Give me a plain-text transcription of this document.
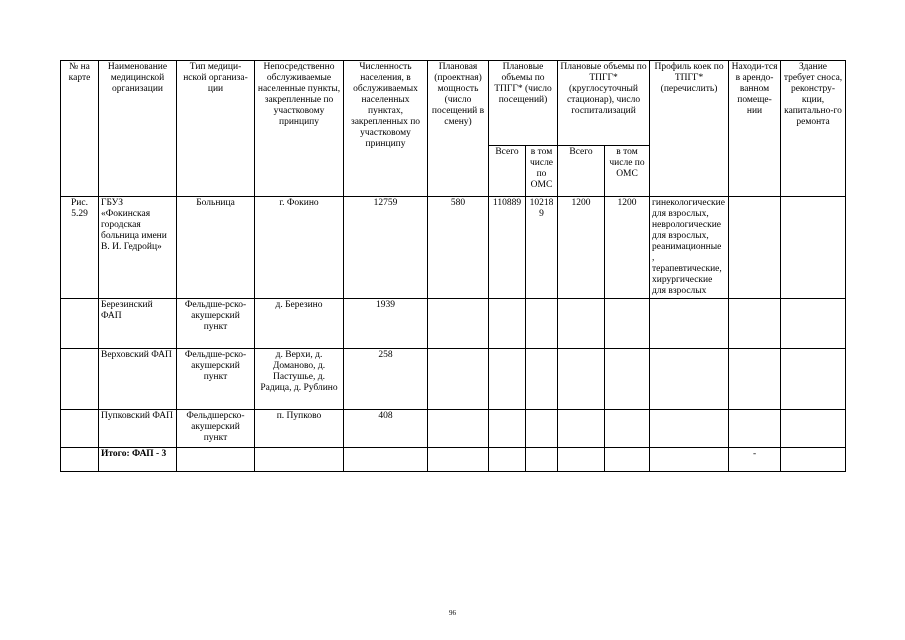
№ на карте	Наименование медицинской организации	Тип медици-нской организа-ции	Непосредственно обслуживаемые населенные пункты, закрепленные по участковому принципу	Численность населения, в обслуживаемых населенных пунктах, закрепленных по участковому принципу	Плановая (проектная) мощность (число посещений в смену)	Плановые объемы по ТПГГ* (число посещений)		Плановые объемы по ТПГГ* (круглосуточный стационар), число госпитализаций		Профиль коек по ТПГГ* (перечислить)	Находи-тся в арендо-ванном помеще-нии	Здание требует сноса, реконстру-кции, капитально-го ремонта
						Всего	в том числе по ОМС	Всего	в том числе по ОМС			
Рис. 5.29	ГБУЗ «Фокинская городская больница имени В. И. Гедройц»	Больница	г. Фокино	12759	580	110889	102189	1200	1200	гинекологические для взрослых, неврологические для взрослых, реанимационные , терапевтические, хирургические для взрослых		
	Березинский ФАП	Фельдше-рско-акушерский пункт	д. Березино	1939								
	Верховский ФАП	Фельдше-рско-акушерский пункт	д. Верхи, д. Доманово, д. Пастушье, д. Радица, д. Рублино	258								
	Пупковский ФАП	Фельдшерско-акушерский пункт	п. Пупково	408								
	Итого: ФАП - 3										-	
96
